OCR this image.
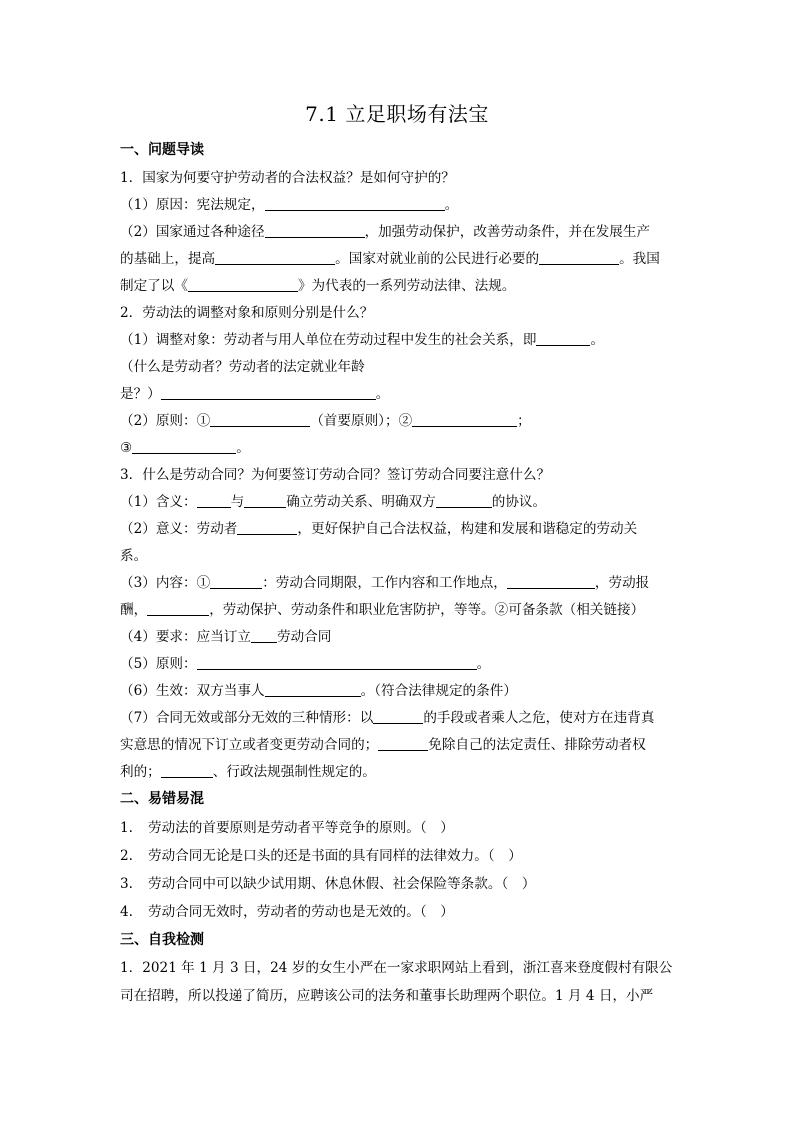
7.1 立足职场有法宝
一、问题导读
1．国家为何要守护劳动者的合法权益？是如何守护的？
（1）原因：宪法规定，	。
（2）国家通过各种途径	，加强劳动保护，改善劳动条件，并在发展生产
的基础上，提高	。国家对就业前的公民进行必要的	。我国
制定了以《	》为代表的一系列劳动法律、法规。
2．劳动法的调整对象和原则分别是什么？
（1）调整对象：劳动者与用人单位在劳动过程中发生的社会关系，即	。
（什么是劳动者？劳动者的法定就业年龄
是？）	。
（2）原则：①	（首要原则）；②	；
③	。
3．什么是劳动合同？为何要签订劳动合同？签订劳动合同要注意什么？
（1）含义：	与	确立劳动关系、明确双方	的协议。
（2）意义：劳动者	，更好保护自己合法权益，构建和发展和谐稳定的劳动关
系。
（3）内容：①	：劳动合同期限，工作内容和工作地点，	，劳动报
酬，	，劳动保护、劳动条件和职业危害防护，等等。②可备条款（相关链接）
（4）要求：应当订立 劳动合同
（5）原则：	。
（6）生效：双方当事人	。（符合法律规定的条件）
（7）合同无效或部分无效的三种情形：以	的手段或者乘人之危，使对方在违背真
实意思的情况下订立或者变更劳动合同的；	免除自己的法定责任、排除劳动者权
利的；	、行政法规强制性规定的。
二、易错易混
1. 劳动法的首要原则是劳动者平等竞争的原则。（　）
2. 劳动合同无论是口头的还是书面的具有同样的法律效力。（　）
3. 劳动合同中可以缺少试用期、休息休假、社会保险等条款。（　）
4. 劳动合同无效时，劳动者的劳动也是无效的。（　）
三、自我检测
1．2021 年 1 月 3 日，24 岁的女生小严在一家求职网站上看到，浙江喜来登度假村有限公
司在招聘，所以投递了简历，应聘该公司的法务和董事长助理两个职位。1 月 4 日，小严
